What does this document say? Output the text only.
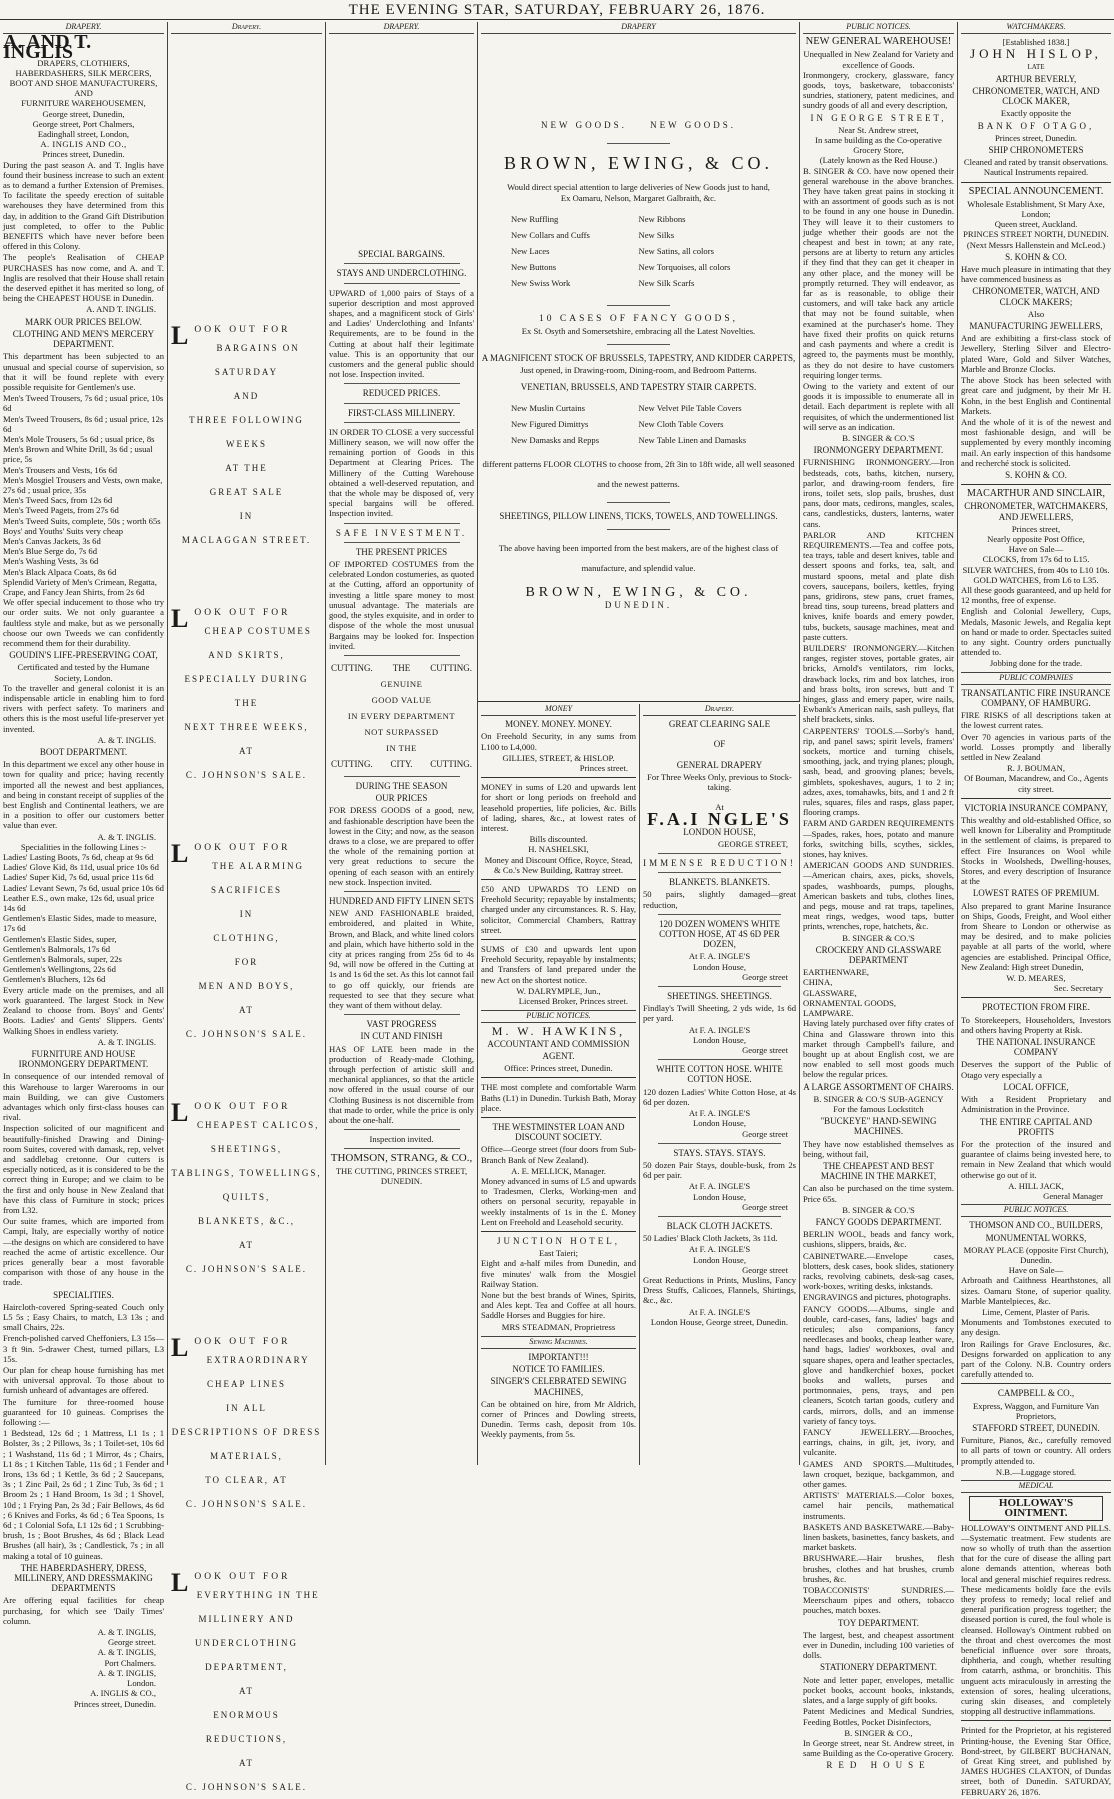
THE EVENING STAR, SATURDAY, FEBRUARY 26, 1876.
DRAPERY.
A. AND T. INGLIS
DRAPERS, CLOTHIERS,
HABERDASHERS, SILK MERCERS,
BOOT AND SHOE MANUFACTURERS,
AND
FURNITURE WAREHOUSEMEN,
George street, Dunedin,
George street, Port Chalmers,
Eadinghall street, London,
A. INGLIS AND CO.,
Princes street, Dunedin.

During the past season A. and T. Inglis have found their business increase to such an extent as to demand a further Extension of Premises. To facilitate the speedy erection of suitable warehouses they have determined from this day, in addition to the Grand Gift Distribution just completed, to offer to the Public BENEFITS which have never before been offered in this Colony.

The people's Realisation of CHEAP PURCHASES has now come, and A. and T. Inglis are resolved that their House shall retain the deserved epithet it has merited so long, of being the CHEAPEST HOUSE in Dunedin.

A. AND T. INGLIS.
MARK OUR PRICES BELOW.
CLOTHING AND MEN'S MERCERY DEPARTMENT.

This department has been subjected to an unusual and special course of supervision, so that it will be found replete with every possible requisite for Gentlemen's use.

Men's Tweed Trousers, 7s 6d ; usual price, 10s 6d
Men's Tweed Trousers, 8s 6d ; usual price, 12s 6d
Men's Mole Trousers, 5s 6d ; usual price, 8s
Men's Brown and White Drill, 3s 6d ; usual price, 5s
Men's Trousers and Vests, 16s 6d
Men's Mosgiel Trousers and Vests, own make, 27s 6d ; usual price, 35s
Men's Tweed Sacs, from 12s 6d
Men's Tweed Pagets, from 27s 6d
Men's Tweed Suits, complete, 50s ; worth 65s
Boys' and Youths' Suits very cheap
Men's Canvas Jackets, 3s 6d
Men's Blue Serge do, 7s 6d
Men's Washing Vests, 3s 6d
Men's Black Alpaca Coats, 8s 6d
Splendid Variety of Men's Crimean, Regatta, Crape, and Fancy Jean Shirts, from 2s 6d

We offer special inducement to those who try our order suits. We not only guarantee a faultless style and make, but as we personally choose our own Tweeds we can confidently recommend them for their durability.

GOUDIN'S LIFE-PRESERVING COAT,
Certificated and tested by the Humane Society, London.

To the traveller and general colonist it is an indispensable article in enabling him to ford rivers with perfect safety. To mariners and others this is the most useful life-preserver yet invented.

A. & T. INGLIS.
BOOT DEPARTMENT.

In this department we excel any other house in town for quality and price; having recently imported all the newest and best appliances, and being in constant receipt of supplies of the best English and Continental leathers, we are in a position to offer our customers better value than ever.

A. & T. INGLIS.
Specialities in the following Lines :-
Ladies' Lasting Boots, 7s 6d, cheap at 9s 6d
Ladies' Glove Kid, 8s 11d, usual price 10s 6d
Ladies' Super Kid, 7s 6d, usual price 11s 6d
Ladies' Levant Sewn, 7s 6d, usual price 10s 6d
Leather E.S., own make, 12s 6d, usual price 14s 6d
Gentlemen's Elastic Sides, made to measure, 17s 6d
Gentlemen's Elastic Sides, super,
Gentlemen's Balmorals, 17s 6d
Gentlemen's Balmorals, super, 22s
Gentlemen's Wellingtons, 22s 6d
Gentlemen's Bluchers, 12s 6d

Every article made on the premises, and all work guaranteed. The largest Stock in New Zealand to choose from. Boys' and Gents' Boots. Ladies' and Gents' Slippers. Gents' Walking Shoes in endless variety.

A. & T. INGLIS.
FURNITURE AND HOUSE IRONMONGERY DEPARTMENT.

In consequence of our intended removal of this Warehouse to larger Warerooms in our main Building, we can give Customers advantages which only first-class houses can rival.

Inspection solicited of our magnificent and beautifully-finished Drawing and Dining-room Suites, covered with damask, rep, velvet and saddlebag cretonne. Our cutters is especially noticed, as it is considered to be the correct thing in Europe; and we claim to be the first and only house in New Zealand that have this class of Furniture in stock; prices from L32.

Our suite frames, which are imported from Campi, Italy, are especially worthy of notice—the designs on which are considered to have reached the acme of artistic excellence. Our prices generally bear a most favorable comparison with those of any house in the trade.

SPECIALITIES.

Haircloth-covered Spring-seated Couch only L5 5s ; Easy Chairs, to match, L3 13s ; and small Chairs, 22s.

French-polished carved Cheffoniers, L3 15s—3 ft 9in. 5-drawer Chest, turned pillars, L3 15s.

Our plan for cheap house furnishing has met with universal approval. To those about to furnish unheard of advantages are offered.

The furniture for three-roomed house guaranteed for 10 guineas. Comprises the following :—

1 Bedstead, 12s 6d ; 1 Mattress, L1 1s ; 1 Bolster, 3s ; 2 Pillows, 3s ; 1 Toilet-set, 10s 6d ; 1 Washstand, 11s 6d ; 1 Mirror, 4s ; Chairs, L1 8s ; 1 Kitchen Table, 11s 6d ; 1 Fender and Irons, 13s 6d ; 1 Kettle, 3s 6d ; 2 Saucepans, 3s ; 1 Zinc Pail, 2s 6d ; 1 Zinc Tub, 3s 6d ; 1 Broom 2s ; 1 Hand Broom, 1s 3d ; 1 Shovel, 10d ; 1 Frying Pan, 2s 3d ; Fair Bellows, 4s 6d ; 6 Knives and Forks, 4s 6d ; 6 Tea Spoons, 1s 6d ; 1 Colonial Sofa, L1 12s 6d ; 1 Scrubbing-brush, 1s ; Boot Brushes, 4s 6d ; Black Lead Brushes (all hair), 3s ; Candlestick, 7s ; in all making a total of 10 guineas.

THE HABERDASHERY, DRESS, MILLINERY, AND DRESSMAKING DEPARTMENTS

Are offering equal facilities for cheap purchasing, for which see 'Daily Times' column.

A. & T. INGLIS,
George street.
A. & T. INGLIS,
Port Chalmers.
A. & T. INGLIS,
London.
A. INGLIS & CO.,
Princes street, Dunedin.
Drapery.
LOOK OUT FOR
BARGAINS ON SATURDAY
AND
THREE FOLLOWING WEEKS
AT THE
GREAT SALE
IN
MACLAGGAN STREET.
LOOK OUT FOR
CHEAP COSTUMES AND SKIRTS,
ESPECIALLY DURING THE
NEXT THREE WEEKS,
AT
C. JOHNSON'S SALE.
LOOK OUT FOR
THE ALARMING SACRIFICES
IN
CLOTHING,
FOR
MEN AND BOYS,
AT
C. JOHNSON'S SALE.
LOOK OUT FOR
CHEAPEST CALICOS, SHEETINGS,
TABLINGS, TOWELLINGS, QUILTS,
BLANKETS, &C.,
AT
C. JOHNSON'S SALE.
LOOK OUT FOR
EXTRAORDINARY CHEAP LINES
IN ALL
DESCRIPTIONS OF DRESS MATERIALS,
TO CLEAR, AT
C. JOHNSON'S SALE.
LOOK OUT FOR
EVERYTHING IN THE
MILLINERY AND UNDERCLOTHING
DEPARTMENT,
AT
ENORMOUS REDUCTIONS,
AT
C. JOHNSON'S SALE.
DRAPERY.
SPECIAL BARGAINS.
STAYS AND UNDERCLOTHING.

UPWARD of 1,000 pairs of Stays of a superior description and most approved shapes, and a magnificent stock of Girls' and Ladies' Underclothing and Infants' Requirements, are to be found in the Cutting at about half their legitimate value. This is an opportunity that our customers and the general public should not lose. Inspection invited.

REDUCED PRICES.
FIRST-CLASS MILLINERY.

IN ORDER TO CLOSE a very successful Millinery season, we will now offer the remaining portion of Goods in this Department at Clearing Prices. The Millinery of the Cutting Warehouse obtained a well-deserved reputation, and that the whole may be disposed of, very special bargains will be offered. Inspection invited.

SAFE INVESTMENT.
THE PRESENT PRICES

OF IMPORTED COSTUMES from the celebrated London costumeries, as quoted at the Cutting, afford an opportunity of investing a little spare money to most unusual advantage. The materials are good, the styles exquisite, and in order to dispose of the whole the most unusual Bargains may be looked for. Inspection invited.

CUTTING. THE CUTTING.
GENUINE
GOOD VALUE
IN EVERY DEPARTMENT
NOT SURPASSED
IN THE
CUTTING. CITY. CUTTING.
DURING THE SEASON
OUR PRICES

FOR DRESS GOODS of a good, new, and fashionable description have been the lowest in the City; and now, as the season draws to a close, we are prepared to offer the whole of the remaining portion at very great reductions to secure the opening of each season with an entirely new stock. Inspection invited.

HUNDRED AND FIFTY LINEN SETS

NEW AND FASHIONABLE braided, embroidered, and plaited in White, Brown, and Black, and white lined colors and plain, which have hitherto sold in the city at prices ranging from 25s 6d to 4s 9d, will now be offered in the Cutting at 1s and 1s 6d the set. As this lot cannot fail to go off quickly, our friends are requested to see that they secure what they want of them without delay.

VAST PROGRESS
IN CUT AND FINISH

HAS OF LATE been made in the production of Ready-made Clothing, through perfection of artistic skill and mechanical appliances, so that the article now offered in the usual course of our Clothing Business is not discernible from that made to order, while the price is only about the one-half.

Inspection invited.
THOMSON, STRANG, & CO.,
THE CUTTING, PRINCES STREET,
DUNEDIN.
DRAPERY
NEW GOODS.	NEW GOODS.
BROWN, EWING, & CO.
Would direct special attention to large deliveries of New Goods just to hand,
Ex Oamaru, Nelson, Margaret Galbraith, &c.
New Ruffling
New Collars and Cuffs
New Laces
New Buttons
New Swiss Work
New Ribbons
New Silks
New Satins, all colors
New Torquoises, all colors
New Silk Scarfs
10 CASES OF FANCY GOODS,
Ex St. Osyth and Somersetshire, embracing all the Latest Novelties.
A MAGNIFICENT STOCK OF BRUSSELS, TAPESTRY, AND KIDDER CARPETS,
Just opened, in Drawing-room, Dining-room, and Bedroom Patterns.
VENETIAN, BRUSSELS, AND TAPESTRY STAIR CARPETS.
New Muslin Curtains
New Figured Dimittys
New Damasks and Repps
New Velvet Pile Table Covers
New Cloth Table Covers
New Table Linen and Damasks
different patterns FLOOR CLOTHS to choose from, 2ft 3in to 18ft wide, all well seasoned and the newest patterns.
SHEETINGS, PILLOW LINENS, TICKS, TOWELS, AND TOWELLINGS.
The above having been imported from the best makers, are of the highest class of manufacture, and splendid value.
BROWN, EWING, & CO.
DUNEDIN.
MONEY
MONEY. MONEY. MONEY.

On Freehold Security, in any sums from L100 to L4,000.

GILLIES, STREET, & HISLOP.
Princes street.

MONEY in sums of L20 and upwards lent for short or long periods on freehold and leasehold properties, life policies, &c. Bills of lading, shares, &c., at lowest rates of interest.

Bills discounted.
H. NASHELSKI,
Money and Discount Office, Royce, Stead, & Co.'s New Building, Rattray street.

£50 AND UPWARDS TO LEND on Freehold Security; repayable by instalments; charged under any circumstances. R. S. Hay, solicitor, Commercial Chambers, Rattray street.

SUMS of £30 and upwards lent upon Freehold Security, repayable by instalments; and Transfers of land prepared under the new Act on the shortest notice.

W. DALRYMPLE, Jun.,
Licensed Broker, Princes street.
PUBLIC NOTICES.
M. W. HAWKINS,
ACCOUNTANT AND COMMISSION
AGENT.
Office: Princes street, Dunedin.

THE most complete and comfortable Warm Baths (L1) in Dunedin. Turkish Bath, Moray place.

THE WESTMINSTER LOAN AND DISCOUNT SOCIETY.

Office—George street (four doors from Sub-Branch Bank of New Zealand).

A. E. MELLICK, Manager.

Money advanced in sums of L5 and upwards to Tradesmen, Clerks, Working-men and others on personal security, repayable in weekly instalments of 1s in the £. Money Lent on Freehold and Leasehold security.

JUNCTION HOTEL,
East Taieri;

Eight and a-half miles from Dunedin, and five minutes' walk from the Mosgiel Railway Station.

None but the best brands of Wines, Spirits, and Ales kept. Tea and Coffee at all hours. Saddle Horses and Buggies for hire.

MRS STEADMAN, Proprietress
Sewing Machines.
IMPORTANT!!!
NOTICE TO FAMILIES.
SINGER'S CELEBRATED SEWING MACHINES,

Can be obtained on hire, from Mr Aldrich, corner of Princes and Dowling streets, Dunedin. Terms cash, deposit from 10s. Weekly payments, from 5s.

Drapery.
GREAT CLEARING SALE
OF
GENERAL DRAPERY
For Three Weeks Only, previous to Stock-taking.
At
F.A.I NGLE'S
LONDON HOUSE,
GEORGE STREET,
IMMENSE REDUCTION!
BLANKETS. BLANKETS.

50 pairs, slightly damaged—great reduction,

120 DOZEN WOMEN'S WHITE COTTON HOSE, AT 4S 6D PER DOZEN,
At F. A. INGLE'S
London House,
George street
SHEETINGS. SHEETINGS.

Findlay's Twill Sheeting, 2 yds wide, 1s 6d per yard.

At F. A. INGLE'S
London House,
George street
WHITE COTTON HOSE. WHITE COTTON HOSE.

120 dozen Ladies' White Cotton Hose, at 4s 6d per dozen.

At F. A. INGLE'S
London House,
George street
STAYS. STAYS. STAYS.

50 dozen Pair Stays, double-busk, from 2s 6d per pair.

At F. A. INGLE'S
London House,
George street
BLACK CLOTH JACKETS.

50 Ladies' Black Cloth Jackets, 3s 11d.

At F. A. INGLE'S
London House,
George street

Great Reductions in Prints, Muslins, Fancy Dress Stuffs, Calicoes, Flannels, Shirtings, &c., &c.

At F. A. INGLE'S
London House, George street, Dunedin.
PUBLIC NOTICES.
NEW GENERAL WAREHOUSE!
Unequalled in New Zealand for Variety and excellence of Goods.

Ironmongery, crockery, glassware, fancy goods, toys, basketware, tobacconists' sundries, stationery, patent medicines, and sundry goods of all and every description,

IN GEORGE STREET,
Near St. Andrew street,
In same building as the Co-operative Grocery Store,
(Lately known as the Red House.)

B. SINGER & CO. have now opened their general warehouse in the above branches. They have taken great pains in stocking it with an assortment of goods such as is not to be found in any one house in Dunedin. They will leave it to their customers to judge whether their goods are not the cheapest and best in town; at any rate, persons are at liberty to return any articles if they find that they can get it cheaper in any other place, and the money will be promptly returned. They will endeavor, as far as is reasonable, to oblige their customers, and will take back any article that may not be found suitable, when examined at the purchaser's home. They have fixed their profits on quick returns and cash payments and where a credit is agreed to, the payments must be monthly, as they do not desire to have customers requiring longer terms.

Owing to the variety and extent of our goods it is impossible to enumerate all in detail. Each department is replete with all requisites, of which the undermentioned list will serve as an indication.

B. SINGER & CO.'S
IRONMONGERY DEPARTMENT.

FURNISHING IRONMONGERY.—Iron bedsteads, cots, baths, kitchen, nursery, parlor, and drawing-room fenders, fire irons, toilet sets, slop pails, brushes, dust pans, door mats, cedirons, mangles, scales, cans, candlesticks, dusters, lanterns, water cans.

PARLOR AND KITCHEN REQUIREMENTS.—Tea and coffee pots, tea trays, table and desert knives, table and dessert spoons and forks, tea, salt, and mustard spoons, metal and plate dish covers, saucepans, boilers, kettles, frying pans, gridirons, stew pans, cruet frames, bread tins, soup tureens, bread platters and knives, knife boards and emery powder, tubs, buckets, sausage machines, meat and paste cutters.

BUILDERS' IRONMONGERY.—Kitchen ranges, register stoves, portable grates, air bricks, Arnold's ventilators, rim locks, drawback locks, rim and box latches, iron and brass bolts, iron screws, butt and T hinges, glass and emery paper, wire nails, Ewbank's American nails, sash pulleys, flat shelf brackets, sinks.

CARPENTERS' TOOLS.—Sorby's hand, rip, and panel saws; spirit levels, framers' sockets, mortice and turning chisels, smoothing, jack, and trying planes; plough, sash, bead, and grooving planes; bevels, gimblets, spokeshaves, augurs, 1 to 2 in; adzes, axes, tomahawks, bits, and 1 and 2 ft rules, squares, files and rasps, glass paper, flooring cramps.

FARM AND GARDEN REQUIREMENTS—Spades, rakes, hoes, potato and manure forks, switching bills, scythes, sickles, stones, hay knives.

AMERICAN GOODS AND SUNDRIES.—American chairs, axes, picks, shovels, spades, washboards, pumps, ploughs, American baskets and tubs, clothes lines, and pegs, mouse and rat traps, tapelines, meat rings, wedges, wood taps, butter prints, wrenches, rope, hatchets, &c.

B. SINGER & CO.'S
CROCKERY AND GLASSWARE DEPARTMENT
EARTHENWARE,
CHINA,
GLASSWARE,
ORNAMENTAL GOODS,
LAMPWARE.

Having lately purchased over fifty crates of China and Glassware thrown into this market through Campbell's failure, and bought up at about English cost, we are now enabled to sell most goods much below the regular prices.

A LARGE ASSORTMENT OF CHAIRS.
B. SINGER & CO.'S SUB-AGENCY
For the famous Lockstitch
"BUCKEYE" HAND-SEWING MACHINES.

They have now established themselves as being, without fail,

THE CHEAPEST AND BEST MACHINE IN THE MARKET,

Can also be purchased on the time system. Price 65s.

B. SINGER & CO.'S
FANCY GOODS DEPARTMENT.

BERLIN WOOL, beads and fancy work, cushions, slippers, braids, &c.

CABINETWARE.—Envelope cases, blotters, desk cases, book slides, stationery racks, revolving cabinets, desk-sag cases, work-boxes, writing desks, inkstands.

ENGRAVINGS and pictures, photographs.

FANCY GOODS.—Albums, single and double, card-cases, fans, ladies' bags and reticules; also companions, fancy needlecases and books, cheap leather ware, hand bags, ladies' workboxes, oval and square shapes, opera and leather spectacles, glove and handkerchief boxes, pocket books and wallets, purses and portmonnaies, pens, trays, and pen cleaners, Scotch tartan goods, cutlery and cards, mirrors, dolls, and an immense variety of fancy toys.

FANCY JEWELLERY.—Brooches, earrings, chains, in gilt, jet, ivory, and vulcanite.

GAMES AND SPORTS.—Multitudes, lawn croquet, bezique, backgammon, and other games.

ARTISTS' MATERIALS.—Color boxes, camel hair pencils, mathematical instruments.

BASKETS AND BASKETWARE.—Baby-linen baskets, basinettes, fancy baskets, and market baskets.

BRUSHWARE.—Hair brushes, flesh brushes, clothes and hat brushes, crumb brushes, &c.

TOBACCONISTS' SUNDRIES.—Meerschaum pipes and others, tobacco pouches, match boxes.

TOY DEPARTMENT.

The largest, best, and cheapest assortment ever in Dunedin, including 100 varieties of dolls.

STATIONERY DEPARTMENT.

Note and letter paper, envelopes, metallic pocket books, account books, inkstands, slates, and a large supply of gift books.

Patent Medicines and Medical Sundries, Feeding Bottles, Pocket Disinfectors,

B. SINGER & CO.,

In George street, near St. Andrew street, in same Building as the Co-operative Grocery.

RED HOUSE
WATCHMAKERS.
[Established 1838.]
JOHN HISLOP,
LATE
ARTHUR BEVERLY,
CHRONOMETER, WATCH, AND CLOCK MAKER,
Exactly opposite the
BANK OF OTAGO,
Princes street, Dunedin.
SHIP CHRONOMETERS
Cleaned and rated by transit observations.
Nautical Instruments repaired.
SPECIAL ANNOUNCEMENT.
Wholesale Establishment, St Mary Axe, London;
Queen street, Auckland.
PRINCES STREET NORTH, DUNEDIN.
(Next Messrs Hallenstein and McLeod.)
S. KOHN & CO.

Have much pleasure in intimating that they have commenced business as

CHRONOMETER, WATCH, AND CLOCK MAKERS;
Also
MANUFACTURING JEWELLERS,

And are exhibiting a first-class stock of Jewellery, Sterling Silver and Electro-plated Ware, Gold and Silver Watches, Marble and Bronze Clocks.

The above Stock has been selected with great care and judgment, by their Mr H. Kohn, in the best English and Continental Markets.

And the whole of it is of the newest and most fashionable design, and will be supplemented by every monthly incoming mail. An early inspection of this handsome and recherché stock is solicited.

S. KOHN & CO.
MACARTHUR AND SINCLAIR,
CHRONOMETER, WATCHMAKERS, AND JEWELLERS,
Princes street,
Nearly opposite Post Office,
Have on Sale—
CLOCKS, from 17s 6d to L15.
SILVER WATCHES, from 40s to L10 10s.
GOLD WATCHES, from L6 to L35.

All these goods guaranteed, and up held for 12 months, free of expense.

English and Colonial Jewellery, Cups, Medals, Masonic Jewels, and Regalia kept on hand or made to order. Spectacles suited to any sight. Country orders punctually attended to.

Jobbing done for the trade.
PUBLIC COMPANIES
TRANSATLANTIC FIRE INSURANCE COMPANY, OF HAMBURG.

FIRE RISKS of all descriptions taken at the lowest current rates.

Over 70 agencies in various parts of the world. Losses promptly and liberally settled in New Zealand

R. J. BOUMAN,
Of Bouman, Macandrew, and Co., Agents city street.
VICTORIA INSURANCE COMPANY,

This wealthy and old-established Office, so well known for Liberality and Promptitude in the settlement of claims, is prepared to effect Fire Insurances on Wool while Stocks in Woolsheds, Dwelling-houses, Stores, and every description of Insurance at the

LOWEST RATES OF PREMIUM.

Also prepared to grant Marine Insurance on Ships, Goods, Freight, and Wool either from Sheare to London or otherwise as may be desired, and to make policies payable at all parts of the world, where agencies are established. Principal Office, New Zealand: High street Dunedin,

W. D. MEARES,
Sec. Secretary
PROTECTION FROM FIRE.

To Storekeepers, Householders, Investors and others having Property at Risk.

THE NATIONAL INSURANCE COMPANY

Deserves the support of the Public of Otago very especially a

LOCAL OFFICE,

With a Resident Proprietary and Administration in the Province.

THE ENTIRE CAPITAL AND PROFITS

For the protection of the insured and guarantee of claims being invested here, to remain in New Zealand that which would otherwise go out of it.

A. HILL JACK,
General Manager
PUBLIC NOTICES.
THOMSON AND CO., BUILDERS,
MONUMENTAL WORKS,
MORAY PLACE (opposite First Church), Dunedin.
Have on Sale—

Arbroath and Caithness Hearthstones, all sizes. Oamaru Stone, of superior quality. Marble Mantelpieces, &c.

Lime, Cement, Plaster of Paris.

Monuments and Tombstones executed to any design.

Iron Railings for Grave Enclosures, &c. Designs forwarded on application to any part of the Colony. N.B. Country orders carefully attended to.

CAMPBELL & CO.,
Express, Waggon, and Furniture Van Proprietors,
STAFFORD STREET, DUNEDIN.

Furniture, Pianos, &c., carefully removed to all parts of town or country. All orders promptly attended to.

N.B.—Luggage stored.
MEDICAL
HOLLOWAY'S OINTMENT.

HOLLOWAY'S OINTMENT AND PILLS.—Systematic treatment. Few students are now so wholly of truth than the assertion that for the cure of disease the alling part alone demands attention, whereas both local and general mischief requires redress. These medicaments boldly face the evils they profess to remedy; local relief and general purification progress together; the diseased portion is cured, the foul whole is cleansed. Holloway's Ointment rubbed on the throat and chest overcomes the most beneficial influence over sore throats, diphtheria, and cough, whether resulting from catarrh, asthma, or bronchitis. This unguent acts miraculously in arresting the extension of sores, healing ulcerations, curing skin diseases, and completely stopping all destructive inflammations.

Printed for the Proprietor, at his registered Printing-house, the Evening Star Office, Bond-street, by GILBERT BUCHANAN, of Great King street, and published by JAMES HUGHES CLAXTON, of Dundas street, both of Dunedin. SATURDAY, FEBRUARY 26, 1876.
